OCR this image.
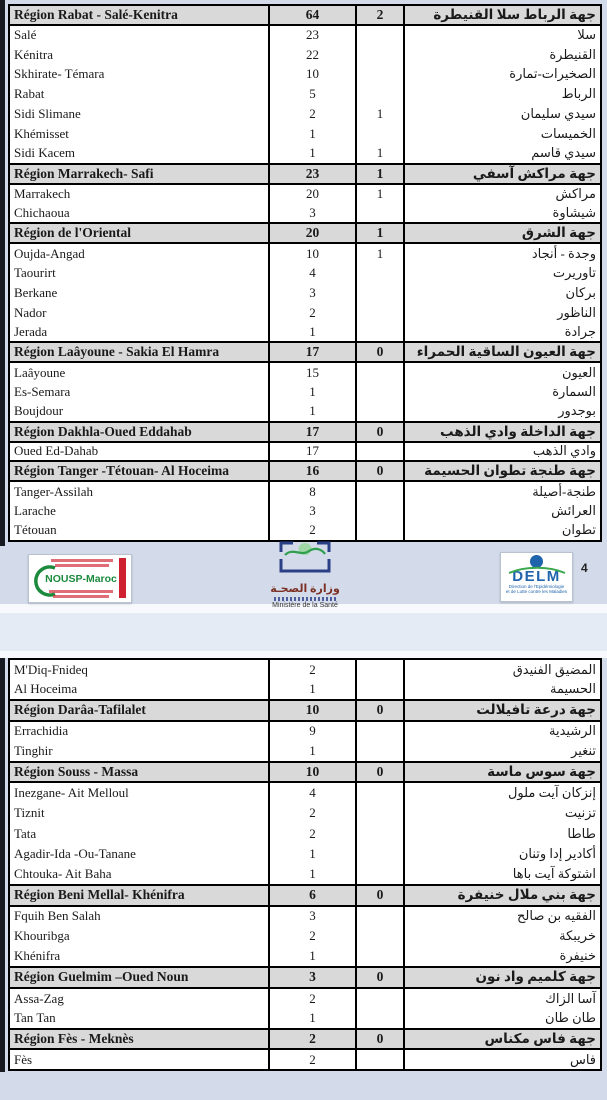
Région Rabat - Salé-Kenitra	64	2	جهة الرباط سلا القنيطرة
Salé	23		سلا
Kénitra	22		القنيطرة
Skhirate- Témara	10		الصخيرات-تمارة
Rabat	5		الرباط
Sidi Slimane	2	1	سيدي سليمان
Khémisset	1		الخميسات
Sidi Kacem	1	1	سيدي قاسم
Région Marrakech- Safi	23	1	جهة مراكش آسفي
Marrakech	20	1	مراكش
Chichaoua	3		شيشاوة
Région de l'Oriental	20	1	جهة الشرق
Oujda-Angad	10	1	وجدة - أنجاد
Taourirt	4		تاوريرت
Berkane	3		بركان
Nador	2		الناظور
Jerada	1		جرادة
Région Laâyoune - Sakia El Hamra	17	0	جهة العيون الساقية الحمراء
Laâyoune	15		العيون
Es-Semara	1		السمارة
Boujdour	1		بوجدور
Région Dakhla-Oued Eddahab	17	0	جهة الداخلة وادي الذهب
Oued Ed-Dahab	17		وادي الذهب
Région Tanger -Tétouan- Al Hoceima	16	0	جهة طنجة تطوان الحسيمة
Tanger-Assilah	8		طنجة-أصيلة
Larache	3		العرائش
Tétouan	2		تطوان
NOUSP-Maroc
وزارة الصحـة
Ministère de la Santé
DELM
Direction de l'Epidémiologie
et de Lutte contre les Maladies
4
M'Diq-Fnideq	2		المضيق الفنيدق
Al Hoceima	1		الحسيمة
Région Darâa-Tafilalet	10	0	جهة درعة تافيلالت
Errachidia	9		الرشيدية
Tinghir	1		تنغير
Région Souss - Massa	10	0	جهة سوس ماسة
Inezgane- Ait Melloul	4		إنزكان آيت ملول
Tiznit	2		تزنيت
Tata	2		طاطا
Agadir-Ida -Ou-Tanane	1		أكادير إدا وتنان
Chtouka- Ait Baha	1		اشتوكة آيت باها
Région Beni Mellal- Khénifra	6	0	جهة بني ملال خنيفرة
Fquih Ben Salah	3		الفقيه بن صالح
Khouribga	2		خريبكة
Khénifra	1		خنيفرة
Région Guelmim –Oued Noun	3	0	جهة كلميم واد نون
Assa-Zag	2		آسا الزاك
Tan Tan	1		طان طان
Région Fès - Meknès	2	0	جهة فاس مكناس
Fès	2		فاس
